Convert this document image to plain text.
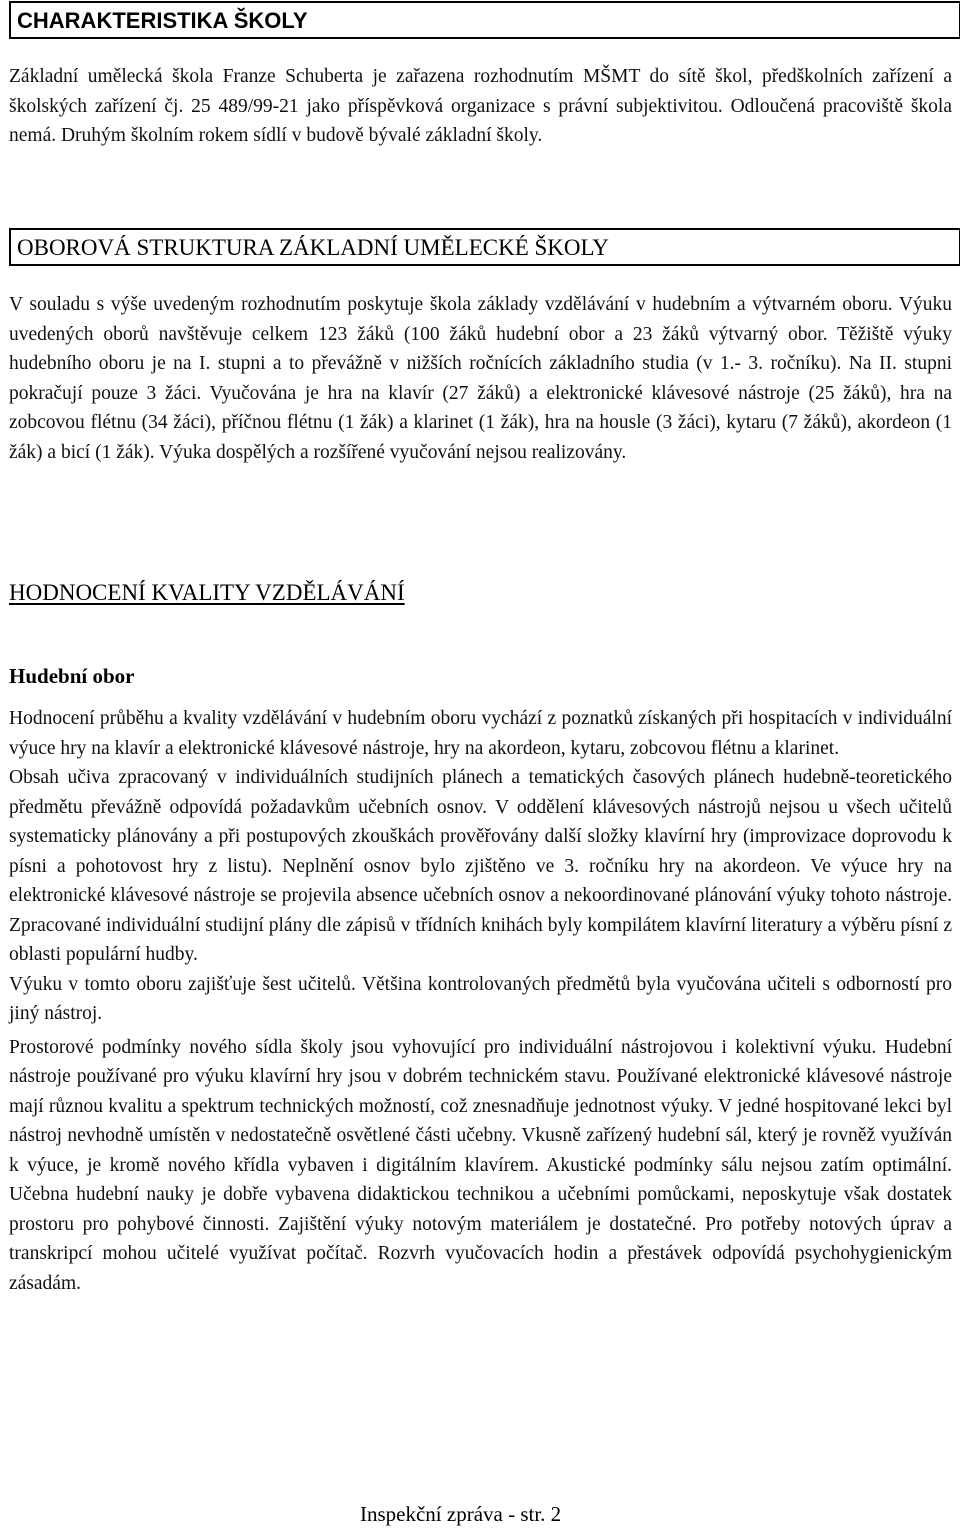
CHARAKTERISTIKA ŠKOLY

Základní umělecká škola Franze Schuberta je zařazena rozhodnutím MŠMT do sítě škol, předškolních zařízení a školských zařízení čj. 25 489/99-21 jako příspěvková organizace s právní subjektivitou. Odloučená pracoviště škola nemá. Druhým školním rokem sídlí v budově bývalé základní školy.

OBOROVÁ STRUKTURA ZÁKLADNÍ UMĚLECKÉ ŠKOLY

V souladu s výše uvedeným rozhodnutím poskytuje škola základy vzdělávání v hudebním a výtvarném oboru. Výuku uvedených oborů navštěvuje celkem 123 žáků (100 žáků hudební obor a 23 žáků výtvarný obor. Těžiště výuky hudebního oboru je na I. stupni a to převážně v nižších ročnících základního studia (v 1.- 3. ročníku). Na II. stupni pokračují pouze 3 žáci. Vyučována je hra na klavír (27 žáků) a elektronické klávesové nástroje (25 žáků), hra na zobcovou flétnu (34 žáci), příčnou flétnu (1 žák) a klarinet (1 žák), hra na housle (3 žáci), kytaru (7 žáků), akordeon (1 žák) a bicí (1 žák). Výuka dospělých a rozšířené vyučování nejsou realizovány.

HODNOCENÍ KVALITY VZDĚLÁVÁNÍ
Hudební obor

Hodnocení průběhu a kvality vzdělávání v hudebním oboru vychází z poznatků získaných při hospitacích v individuální výuce hry na klavír a elektronické klávesové nástroje, hry na akordeon, kytaru, zobcovou flétnu a klarinet.

Obsah učiva zpracovaný v individuálních studijních plánech a tematických časových plánech hudebně-teoretického předmětu převážně odpovídá požadavkům učebních osnov. V oddělení klávesových nástrojů nejsou u všech učitelů systematicky plánovány a při postupových zkouškách prověřovány další složky klavírní hry (improvizace doprovodu k písni a pohotovost hry z listu). Neplnění osnov bylo zjištěno ve 3. ročníku hry na akordeon. Ve výuce hry na elektronické klávesové nástroje se projevila absence učebních osnov a nekoordinované plánování výuky tohoto nástroje. Zpracované individuální studijní plány dle zápisů v třídních knihách byly kompilátem klavírní literatury a výběru písní z oblasti populární hudby.

Výuku v tomto oboru zajišťuje šest učitelů. Většina kontrolovaných předmětů byla vyučována učiteli s odborností pro jiný nástroj.

Prostorové podmínky nového sídla školy jsou vyhovující pro individuální nástrojovou i kolektivní výuku. Hudební nástroje používané pro výuku klavírní hry jsou v dobrém technickém stavu. Používané elektronické klávesové nástroje mají různou kvalitu a spektrum technických možností, což znesnadňuje jednotnost výuky. V jedné hospitované lekci byl nástroj nevhodně umístěn v nedostatečně osvětlené části učebny. Vkusně zařízený hudební sál, který je rovněž využíván k výuce, je kromě nového křídla vybaven i digitálním klavírem. Akustické podmínky sálu nejsou zatím optimální. Učebna hudební nauky je dobře vybavena didaktickou technikou a učebními pomůckami, neposkytuje však dostatek prostoru pro pohybové činnosti. Zajištění výuky notovým materiálem je dostatečné. Pro potřeby notových úprav a transkripcí mohou učitelé využívat počítač. Rozvrh vyučovacích hodin a přestávek odpovídá psychohygienickým zásadám.

Inspekční zpráva - str. 2
